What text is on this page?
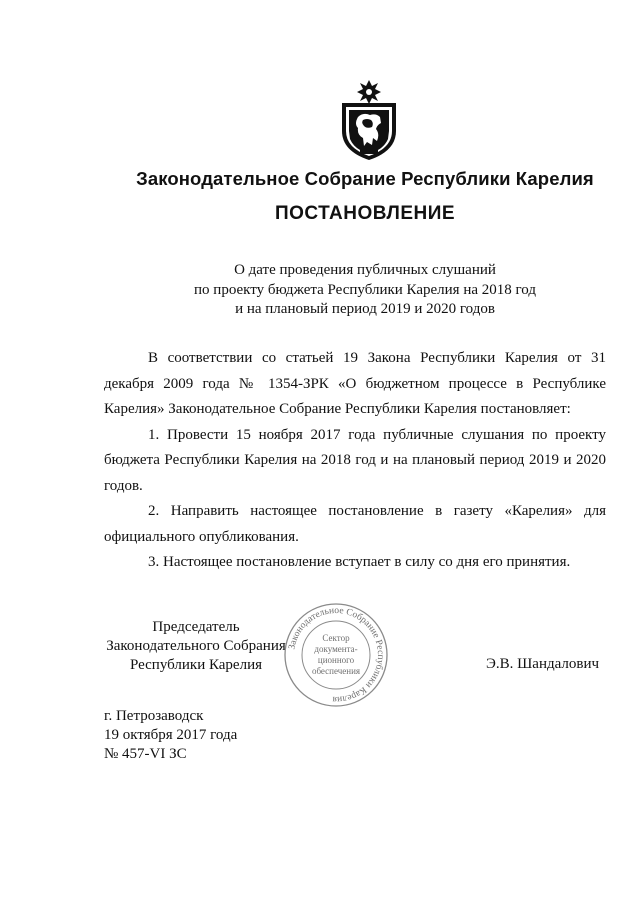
Законодательное Собрание Республики Карелия
ПОСТАНОВЛЕНИЕ
О дате проведения публичных слушаний
по проекту бюджета Республики Карелия на 2018 год
и на плановый период 2019 и 2020 годов

В соответствии со статьей 19 Закона Республики Карелия от 31 декабря 2009 года № 1354-ЗРК «О бюджетном процессе в Республике Карелия» Законодательное Собрание Республики Карелия постановляет:

1. Провести 15 ноября 2017 года публичные слушания по проекту бюджета Республики Карелия на 2018 год и на плановый период 2019 и 2020 годов.

2. Направить настоящее постановление в газету «Карелия» для официального опубликования.

3. Настоящее постановление вступает в силу со дня его принятия.

Председатель
Законодательного Собрания
Республики Карелия
Законодательное Собрание Республики Карелия
Сектор
документа-
ционного
обеспечения	Э.В. Шандалович
г. Петрозаводск
19 октября 2017 года
№ 457-VI ЗС
